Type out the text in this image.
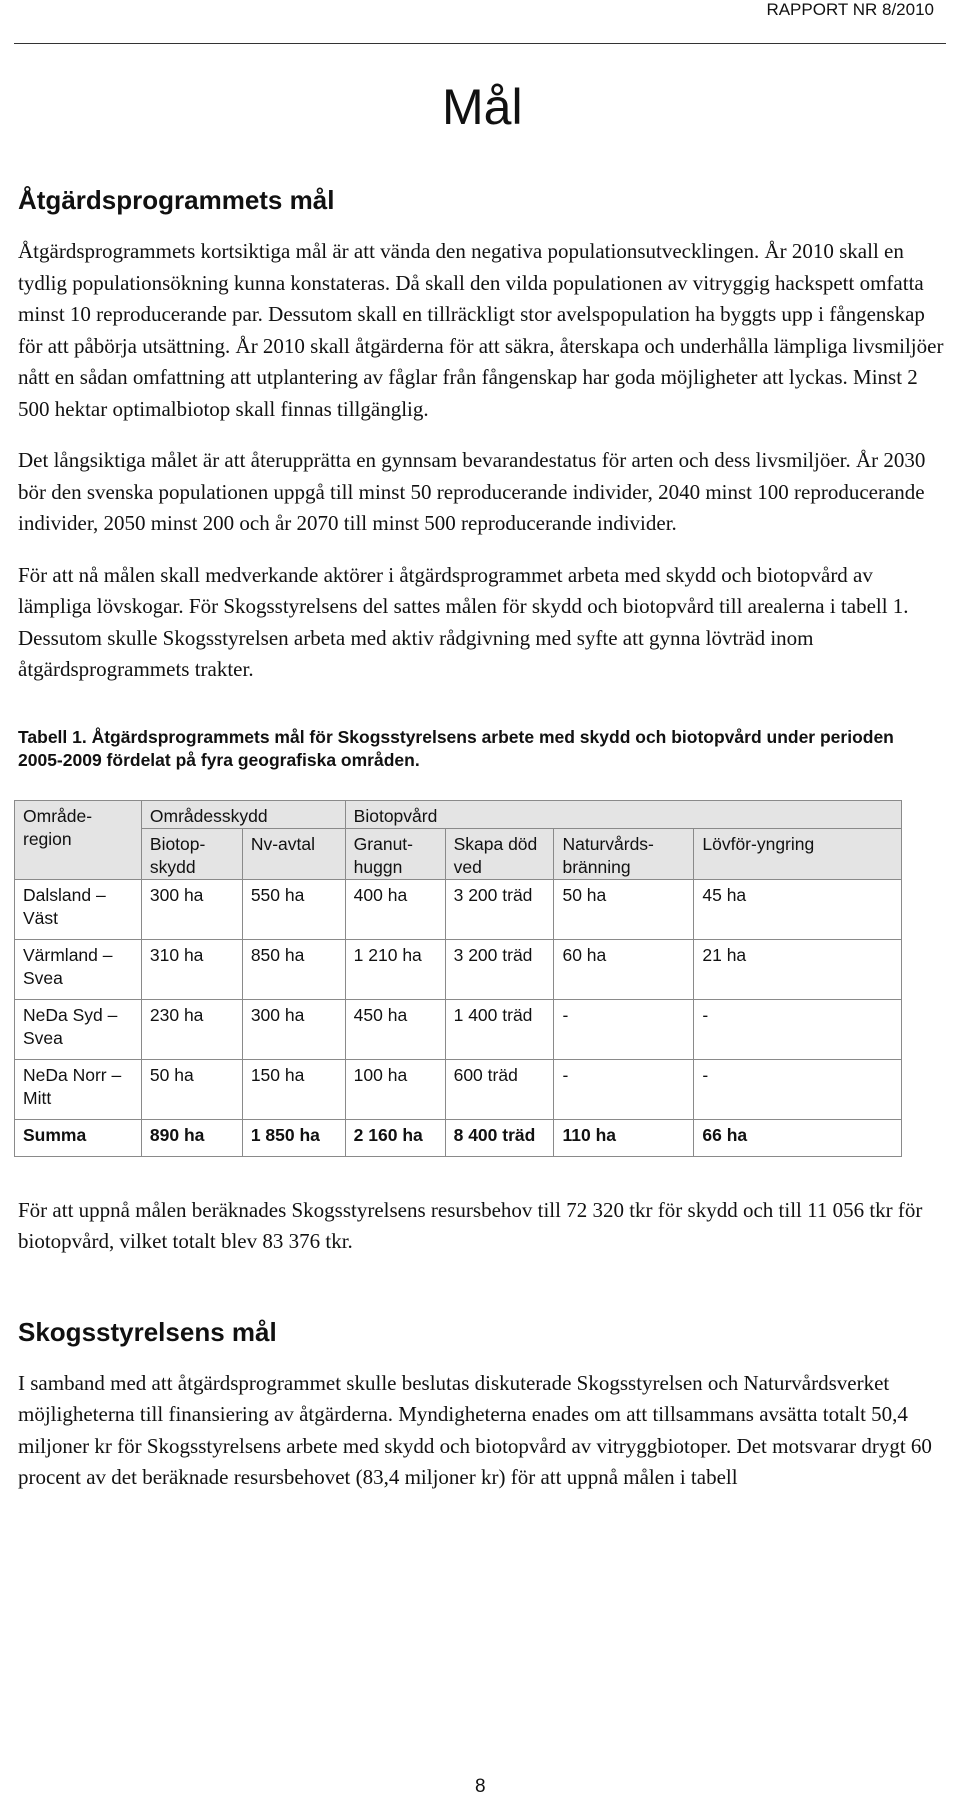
RAPPORT NR 8/2010
Mål
Åtgärdsprogrammets mål

Åtgärdsprogrammets kortsiktiga mål är att vända den negativa populationsutvecklingen. År 2010 skall en tydlig populationsökning kunna konstateras. Då skall den vilda populationen av vitryggig hackspett omfatta minst 10 reproducerande par. Dessutom skall en tillräckligt stor avelspopulation ha byggts upp i fångenskap för att påbörja utsättning. År 2010 skall åtgärderna för att säkra, återskapa och underhålla lämpliga livsmiljöer nått en sådan omfattning att utplantering av fåglar från fångenskap har goda möjligheter att lyckas. Minst 2 500 hektar optimalbiotop skall finnas tillgänglig.

Det långsiktiga målet är att återupprätta en gynnsam bevarandestatus för arten och dess livsmiljöer. År 2030 bör den svenska populationen uppgå till minst 50 reproducerande individer, 2040 minst 100 reproducerande individer, 2050 minst 200 och år 2070 till minst 500 reproducerande individer.

För att nå målen skall medverkande aktörer i åtgärdsprogrammet arbeta med skydd och biotopvård av lämpliga lövskogar. För Skogsstyrelsens del sattes målen för skydd och biotopvård till arealerna i tabell 1. Dessutom skulle Skogsstyrelsen arbeta med aktiv rådgivning med syfte att gynna lövträd inom åtgärdsprogrammets trakter.

Tabell 1. Åtgärdsprogrammets mål för Skogsstyrelsens arbete med skydd och biotopvård under perioden 2005-2009 fördelat på fyra geografiska områden.
Område-region	Områdesskydd		Biotopvård			
	Biotop-skydd	Nv-avtal	Granut-huggn	Skapa död ved	Naturvårds-bränning	Lövför-yngring
Dalsland – Väst	300 ha	550 ha	400 ha	3 200 träd	50 ha	45 ha
Värmland – Svea	310 ha	850 ha	1 210 ha	3 200 träd	60 ha	21 ha
NeDa Syd – Svea	230 ha	300 ha	450 ha	1 400 träd	-	-
NeDa Norr – Mitt	50 ha	150 ha	100 ha	600 träd	-	-
Summa	890 ha	1 850 ha	2 160 ha	8 400 träd	110 ha	66 ha

För att uppnå målen beräknades Skogsstyrelsens resursbehov till 72 320 tkr för skydd och till 11 056 tkr för biotopvård, vilket totalt blev 83 376 tkr.

Skogsstyrelsens mål

I samband med att åtgärdsprogrammet skulle beslutas diskuterade Skogsstyrelsen och Naturvårdsverket möjligheterna till finansiering av åtgärderna. Myndigheterna enades om att tillsammans avsätta totalt 50,4 miljoner kr för Skogsstyrelsens arbete med skydd och biotopvård av vitryggbiotoper. Det motsvarar drygt 60 procent av det beräknade resursbehovet (83,4 miljoner kr) för att uppnå målen i tabell

8
